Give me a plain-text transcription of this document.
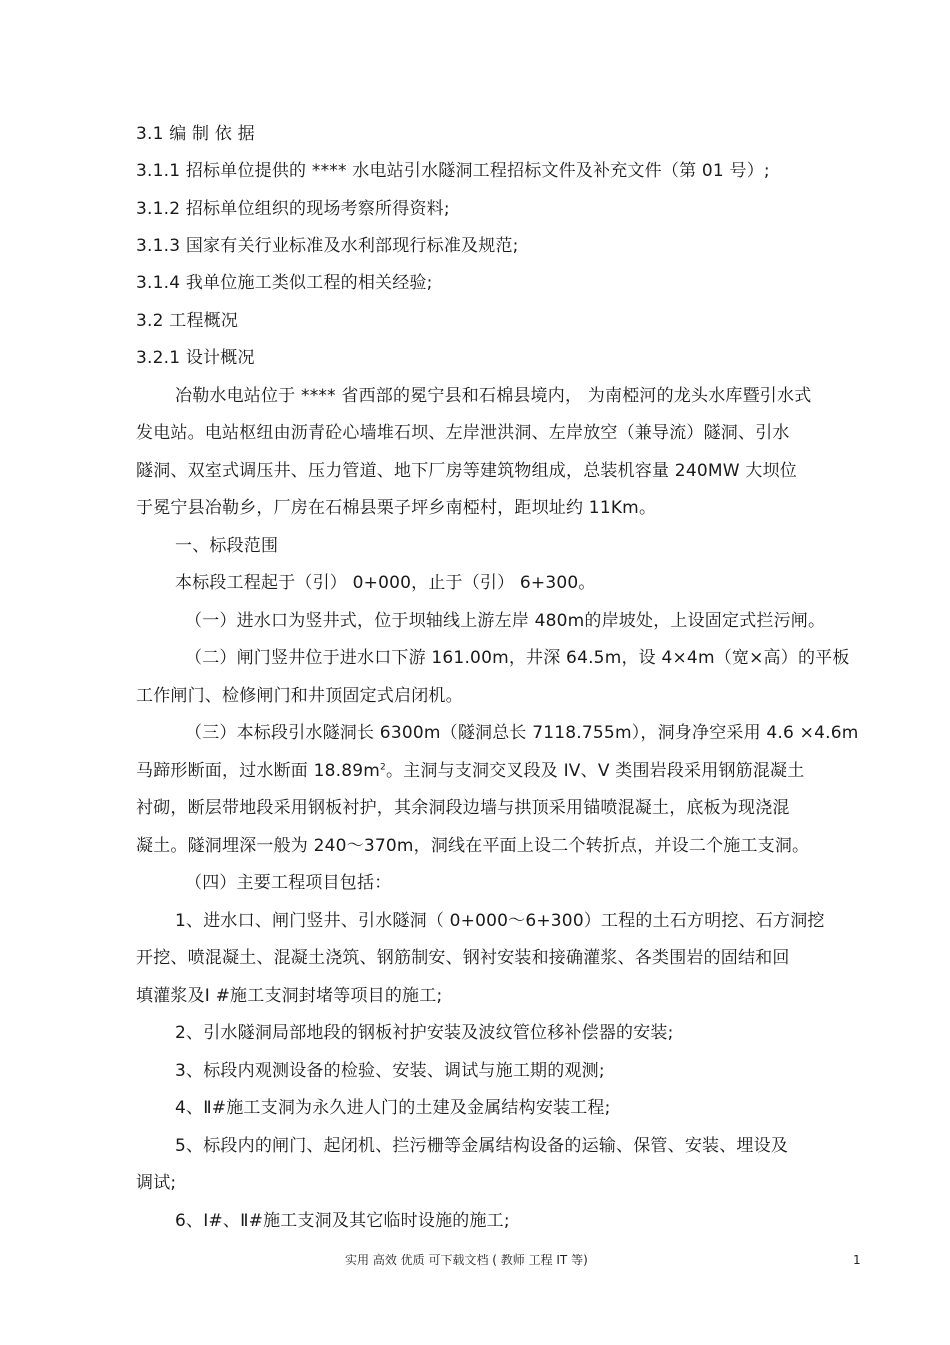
3.1 编 制 依 据
3.1.1 招标单位提供的 **** 水电站引水隧洞工程招标文件及补充文件（第 01 号）;
3.1.2 招标单位组织的现场考察所得资料;
3.1.3 国家有关行业标准及水利部现行标准及规范;
3.1.4 我单位施工类似工程的相关经验;
3.2 工程概况
3.2.1 设计概况
冶勒水电站位于 **** 省西部的冕宁县和石棉县境内， 为南椏河的龙头水库暨引水式
发电站。电站枢纽由沥青砼心墙堆石坝、左岸泄洪洞、左岸放空（兼导流）隧洞、引水
隧洞、双室式调压井、压力管道、地下厂房等建筑物组成，总装机容量 240MW 大坝位
于冕宁县冶勒乡，厂房在石棉县栗子坪乡南椏村，距坝址约 11Km。
一、标段范围
本标段工程起于（引） 0+000，止于（引） 6+300。
（一）进水口为竖井式，位于坝轴线上游左岸 480m的岸坡处，上设固定式拦污闸。
（二）闸门竖井位于进水口下游 161.00m，井深 64.5m，设 4×4m（宽×高）的平板
工作闸门、检修闸门和井顶固定式启闭机。
（三）本标段引水隧洞长 6300m（隧洞总长 7118.755m），洞身净空采用 4.6 ×4.6m
马蹄形断面，过水断面 $18.89m^2$。主洞与支洞交叉段及 IV、V 类围岩段采用钢筋混凝土
衬砌，断层带地段采用钢板衬护，其余洞段边墙与拱顶采用锚喷混凝土，底板为现浇混
凝土。隧洞埋深一般为 240～370m，洞线在平面上设二个转折点，并设二个施工支洞。
（四）主要工程项目包括：
1、进水口、闸门竖井、引水隧洞（ 0+000～6+300）工程的土石方明挖、石方洞挖
开挖、喷混凝土、混凝土浇筑、钢筋制安、钢衬安装和接确灌浆、各类围岩的固结和回
填灌浆及Ⅰ #施工支洞封堵等项目的施工;
2、引水隧洞局部地段的钢板衬护安装及波纹管位移补偿器的安装;
3、标段内观测设备的检验、安装、调试与施工期的观测;
4、Ⅱ#施工支洞为永久进人门的土建及金属结构安装工程;
5、标段内的闸门、起闭机、拦污栅等金属结构设备的运输、保管、安装、埋设及
调试;
6、Ⅰ#、Ⅱ#施工支洞及其它临时设施的施工;
实用 高效 优质 可下载文档 ( 教师 工程 IT 等)	1
